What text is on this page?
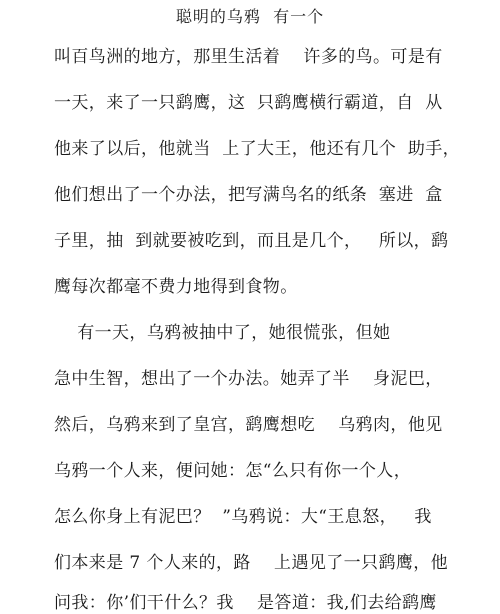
聪明的乌鸦  有一个
叫百鸟洲的地方，那里生活着    许多的鸟。可是有
一天，来了一只鹞鹰，这  只鹞鹰横行霸道，自  从
他来了以后，他就当  上了大王，他还有几个  助手，
他们想出了一个办法，把写满鸟名的纸条  塞进  盒
子里，抽  到就要被吃到，而且是几个，   所以，鹞
鹰每次都毫不费力地得到食物。
有一天，乌鸦被抽中了，她很慌张，但她
急中生智，想出了一个办法。她弄了半    身泥巴，
然后，乌鸦来到了皇宫，鹞鹰想吃    乌鸦肉，他见
乌鸦一个人来，便问她：怎“么只有你一个人，
怎么你身上有泥巴？  ”乌鸦说：大“王息怒，   我
们本来是 7 个人来的，路    上遇见了一只鹞鹰，他
问我：你’们干什么？我    是答道：我,们去给鹞鹰
